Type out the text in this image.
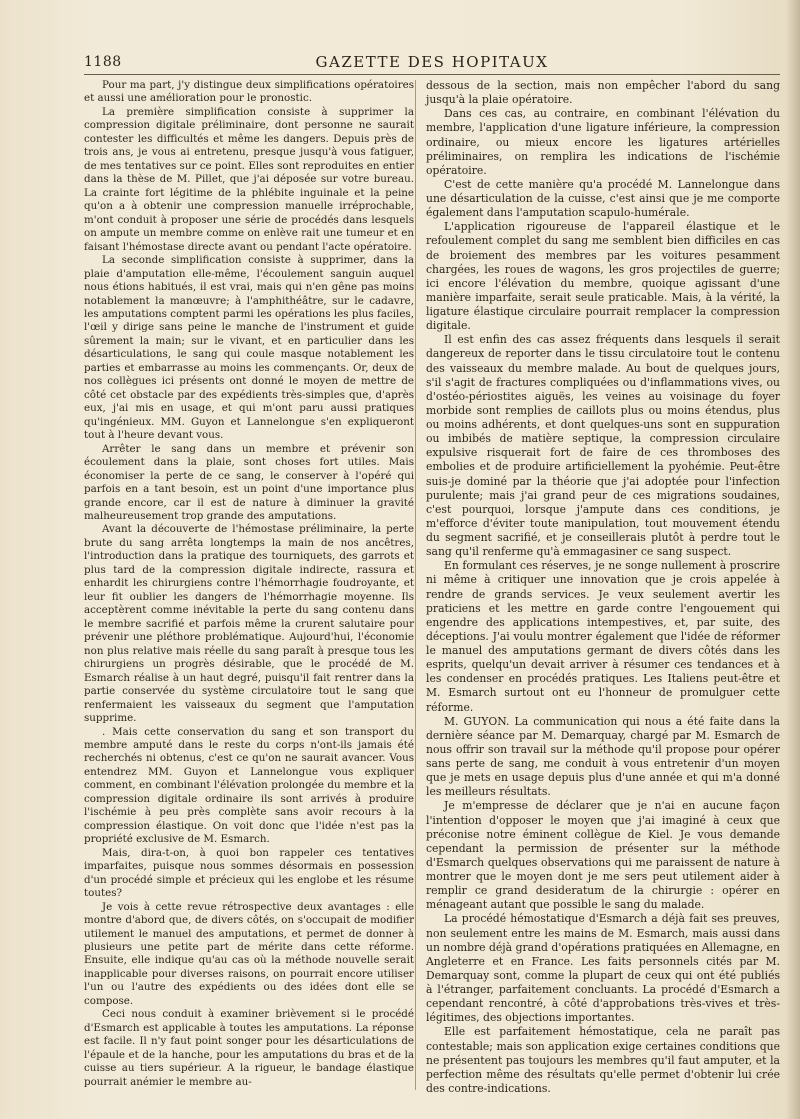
1188	GAZETTE DES HOPITAUX

Pour ma part, j'y distingue deux simplifications opératoires et aussi une amélioration pour le pronostic.

La première simplification consiste à supprimer la compression digitale préliminaire, dont personne ne saurait contester les difficultés et même les dangers. Depuis près de trois ans, je vous ai entretenu, presque jusqu'à vous fatiguer, de mes tentatives sur ce point. Elles sont reproduites en entier dans la thèse de M. Pillet, que j'ai déposée sur votre bureau. La crainte fort légitime de la phlébite inguinale et la peine qu'on a à obtenir une compression manuelle irréprochable, m'ont conduit à proposer une série de procédés dans lesquels on ampute un membre comme on enlève rait une tumeur et en faisant l'hémostase directe avant ou pendant l'acte opératoire.

La seconde simplification consiste à supprimer, dans la plaie d'amputation elle-même, l'écoulement sanguin auquel nous étions habitués, il est vrai, mais qui n'en gêne pas moins notablement la manœuvre; à l'amphithéâtre, sur le cadavre, les amputations comptent parmi les opérations les plus faciles, l'œil y dirige sans peine le manche de l'instrument et guide sûrement la main; sur le vivant, et en particulier dans les désarticulations, le sang qui coule masque notablement les parties et embarrasse au moins les commençants. Or, deux de nos collègues ici présents ont donné le moyen de mettre de côté cet obstacle par des expédients très-simples que, d'après eux, j'ai mis en usage, et qui m'ont paru aussi pratiques qu'ingénieux. MM. Guyon et Lannelongue s'en expliqueront tout à l'heure devant vous.

Arrêter le sang dans un membre et prévenir son écoulement dans la plaie, sont choses fort utiles. Mais économiser la perte de ce sang, le conserver à l'opéré qui parfois en a tant besoin, est un point d'une importance plus grande encore, car il est de nature à diminuer la gravité malheureusement trop grande des amputations.

Avant la découverte de l'hémostase préliminaire, la perte brute du sang arrêta longtemps la main de nos ancêtres, l'introduction dans la pratique des tourniquets, des garrots et plus tard de la compression digitale indirecte, rassura et enhardit les chirurgiens contre l'hémorrhagie foudroyante, et leur fit oublier les dangers de l'hémorrhagie moyenne. Ils acceptèrent comme inévitable la perte du sang contenu dans le membre sacrifié et parfois même la crurent salutaire pour prévenir une pléthore problématique. Aujourd'hui, l'économie non plus relative mais réelle du sang paraît à presque tous les chirurgiens un progrès désirable, que le procédé de M. Esmarch réalise à un haut degré, puisqu'il fait rentrer dans la partie conservée du système circulatoire tout le sang que renfermaient les vaisseaux du segment que l'amputation supprime.

. Mais cette conservation du sang et son transport du membre amputé dans le reste du corps n'ont-ils jamais été recherchés ni obtenus, c'est ce qu'on ne saurait avancer. Vous entendrez MM. Guyon et Lannelongue vous expliquer comment, en combinant l'élévation prolongée du membre et la compression digitale ordinaire ils sont arrivés à produire l'ischémie à peu près complète sans avoir recours à la compression élastique. On voit donc que l'idée n'est pas la propriété exclusive de M. Esmarch.

Mais, dira-t-on, à quoi bon rappeler ces tentatives imparfaites, puisque nous sommes désormais en possession d'un procédé simple et précieux qui les englobe et les résume toutes?

Je vois à cette revue rétrospective deux avantages : elle montre d'abord que, de divers côtés, on s'occupait de modifier utilement le manuel des amputations, et permet de donner à plusieurs une petite part de mérite dans cette réforme. Ensuite, elle indique qu'au cas où la méthode nouvelle serait inapplicable pour diverses raisons, on pourrait encore utiliser l'un ou l'autre des expédients ou des idées dont elle se compose.

Ceci nous conduit à examiner brièvement si le procédé d'Esmarch est applicable à toutes les amputations. La réponse est facile. Il n'y faut point songer pour les désarticulations de l'épaule et de la hanche, pour les amputations du bras et de la cuisse au tiers supérieur. A la rigueur, le bandage élastique pourrait anémier le membre au-

dessous de la section, mais non empêcher l'abord du sang jusqu'à la plaie opératoire.

Dans ces cas, au contraire, en combinant l'élévation du membre, l'application d'une ligature inférieure, la compression ordinaire, ou mieux encore les ligatures artérielles préliminaires, on remplira les indications de l'ischémie opératoire.

C'est de cette manière qu'a procédé M. Lannelongue dans une désarticulation de la cuisse, c'est ainsi que je me comporte également dans l'amputation scapulo-humérale.

L'application rigoureuse de l'appareil élastique et le refoulement complet du sang me semblent bien difficiles en cas de broiement des membres par les voitures pesamment chargées, les roues de wagons, les gros projectiles de guerre; ici encore l'élévation du membre, quoique agissant d'une manière imparfaite, serait seule praticable. Mais, à la vérité, la ligature élastique circulaire pourrait remplacer la compression digitale.

Il est enfin des cas assez fréquents dans lesquels il serait dangereux de reporter dans le tissu circulatoire tout le contenu des vaisseaux du membre malade. Au bout de quelques jours, s'il s'agit de fractures compliquées ou d'inflammations vives, ou d'ostéo-périostites aiguës, les veines au voisinage du foyer morbide sont remplies de caillots plus ou moins étendus, plus ou moins adhérents, et dont quelques-uns sont en suppuration ou imbibés de matière septique, la compression circulaire expulsive risquerait fort de faire de ces thromboses des embolies et de produire artificiellement la pyohémie. Peut-être suis-je dominé par la théorie que j'ai adoptée pour l'infection purulente; mais j'ai grand peur de ces migrations soudaines, c'est pourquoi, lorsque j'ampute dans ces conditions, je m'efforce d'éviter toute manipulation, tout mouvement étendu du segment sacrifié, et je conseillerais plutôt à perdre tout le sang qu'il renferme qu'à emmagasiner ce sang suspect.

En formulant ces réserves, je ne songe nullement à proscrire ni même à critiquer une innovation que je crois appelée à rendre de grands services. Je veux seulement avertir les praticiens et les mettre en garde contre l'engouement qui engendre des applications intempestives, et, par suite, des déceptions. J'ai voulu montrer également que l'idée de réformer le manuel des amputations germant de divers côtés dans les esprits, quelqu'un devait arriver à résumer ces tendances et à les condenser en procédés pratiques. Les Italiens peut-être et M. Esmarch surtout ont eu l'honneur de promulguer cette réforme.

M. GUYON. La communication qui nous a été faite dans la dernière séance par M. Demarquay, chargé par M. Esmarch de nous offrir son travail sur la méthode qu'il propose pour opérer sans perte de sang, me conduit à vous entretenir d'un moyen que je mets en usage depuis plus d'une année et qui m'a donné les meilleurs résultats.

Je m'empresse de déclarer que je n'ai en aucune façon l'intention d'opposer le moyen que j'ai imaginé à ceux que préconise notre éminent collègue de Kiel. Je vous demande cependant la permission de présenter sur la méthode d'Esmarch quelques observations qui me paraissent de nature à montrer que le moyen dont je me sers peut utilement aider à remplir ce grand desideratum de la chirurgie : opérer en ménageant autant que possible le sang du malade.

La procédé hémostatique d'Esmarch a déjà fait ses preuves, non seulement entre les mains de M. Esmarch, mais aussi dans un nombre déjà grand d'opérations pratiquées en Allemagne, en Angleterre et en France. Les faits personnels cités par M. Demarquay sont, comme la plupart de ceux qui ont été publiés à l'étranger, parfaitement concluants. La procédé d'Esmarch a cependant rencontré, à côté d'approbations très-vives et très-légitimes, des objections importantes.

Elle est parfaitement hémostatique, cela ne paraît pas contestable; mais son application exige certaines conditions que ne présentent pas toujours les membres qu'il faut amputer, et la perfection même des résultats qu'elle permet d'obtenir lui crée des contre-indications.
